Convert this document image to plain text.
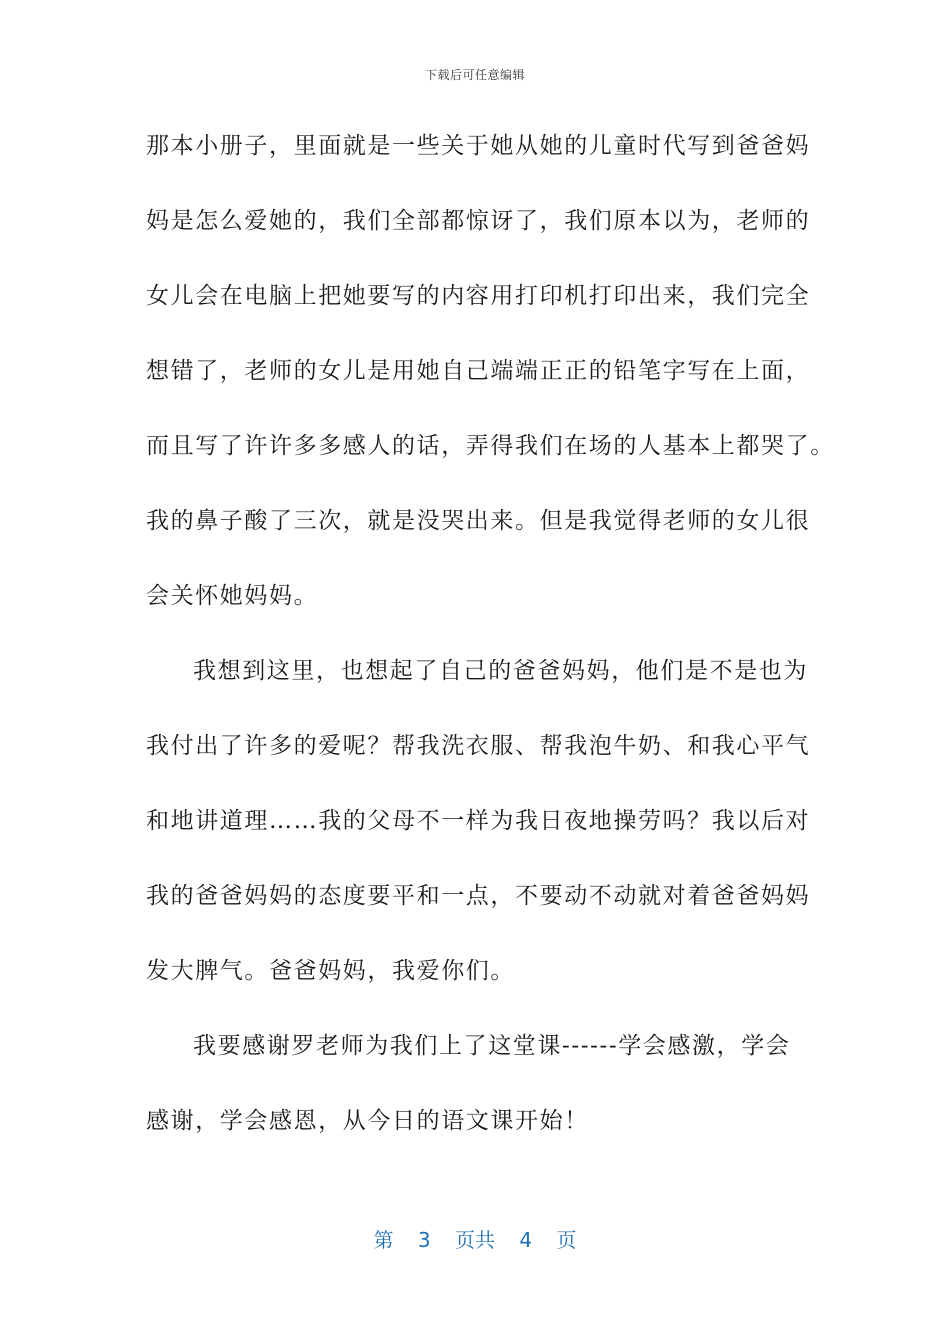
下载后可任意编辑
那本小册子，里面就是一些关于她从她的儿童时代写到爸爸妈
妈是怎么爱她的，我们全部都惊讶了，我们原本以为，老师的
女儿会在电脑上把她要写的内容用打印机打印出来，我们完全
想错了，老师的女儿是用她自己端端正正的铅笔字写在上面，
而且写了许许多多感人的话，弄得我们在场的人基本上都哭了。
我的鼻子酸了三次，就是没哭出来。但是我觉得老师的女儿很
会关怀她妈妈。
我想到这里，也想起了自己的爸爸妈妈，他们是不是也为
我付出了许多的爱呢？帮我洗衣服、帮我泡牛奶、和我心平气
和地讲道理……我的父母不一样为我日夜地操劳吗？我以后对
我的爸爸妈妈的态度要平和一点，不要动不动就对着爸爸妈妈
发大脾气。爸爸妈妈，我爱你们。
我要感谢罗老师为我们上了这堂课------学会感激，学会
感谢，学会感恩，从今日的语文课开始！
第 3 页共 4 页
